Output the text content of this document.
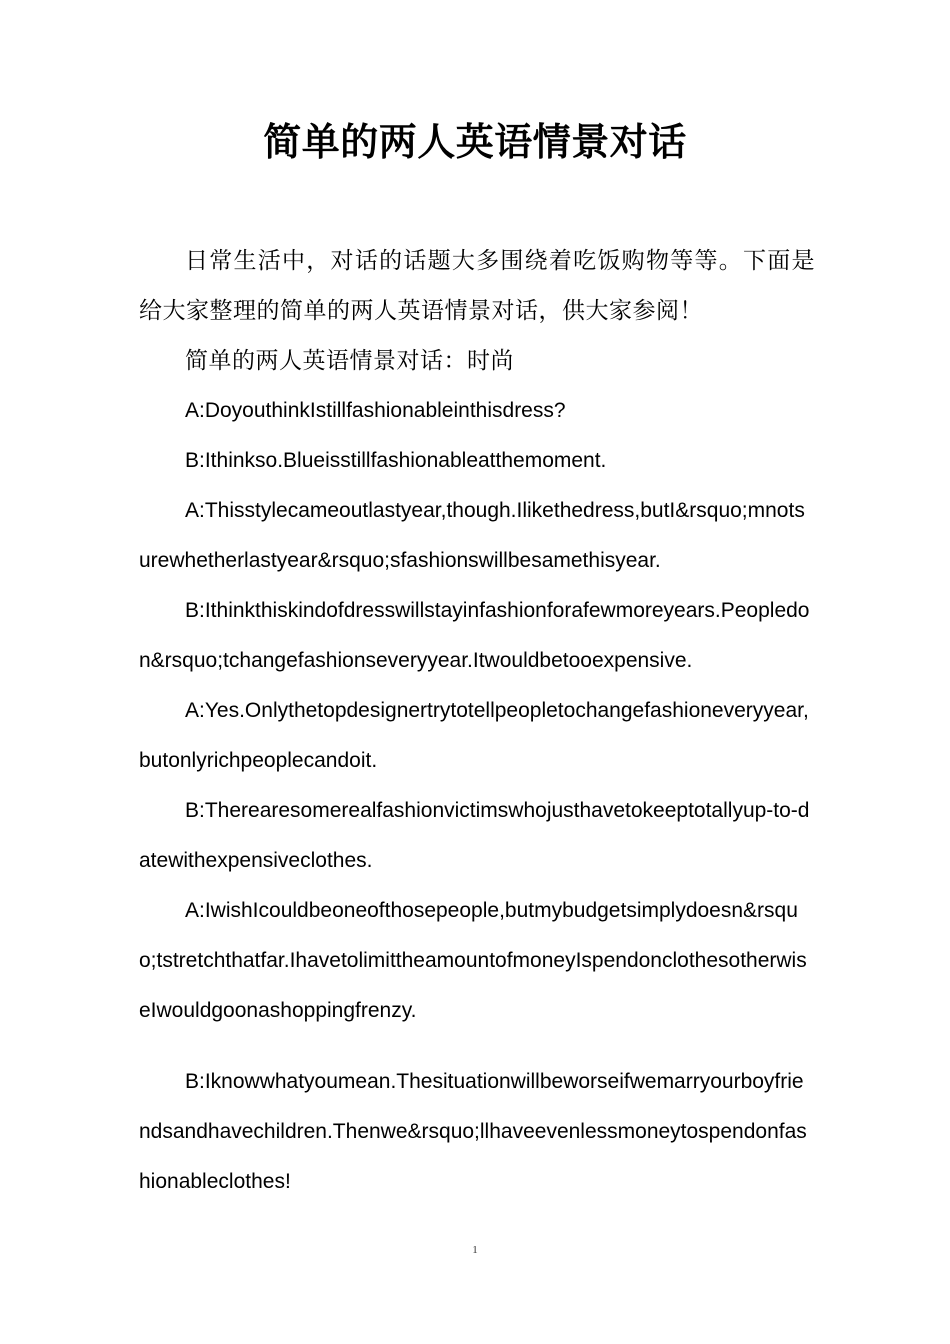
简单的两人英语情景对话

日常生活中，对话的话题大多围绕着吃饭购物等等。下面是给大家整理的简单的两人英语情景对话，供大家参阅！

简单的两人英语情景对话：时尚

A:DoyouthinkIstillfashionableinthisdress?

B:Ithinkso.Blueisstillfashionableatthemoment.

A:Thisstylecameoutlastyear,though.Ilikethedress,butI&rsquo;mnotsurewhetherlastyear&rsquo;sfashionswillbesamethisyear.

B:Ithinkthiskindofdresswillstayinfashionforafewmoreyears.Peopledon&rsquo;tchangefashionseveryyear.Itwouldbetooexpensive.

A:Yes.Onlythetopdesignertrytotellpeopletochangefashioneveryyear,butonlyrichpeoplecandoit.

B:Therearesomerealfashionvictimswhojusthavetokeeptotallyup-to-datewithexpensiveclothes.

A:IwishIcouldbeoneofthosepeople,butmybudgetsimplydoesn&rsquo;tstretchthatfar.IhavetolimittheamountofmoneyIspendonclothesotherwiseIwouldgoonashoppingfrenzy.

B:Iknowwhatyoumean.Thesituationwillbeworseifwemarryourboyfriendsandhavechildren.Thenwe&rsquo;llhaveevenlessmoneytospendonfashionableclothes!

1
